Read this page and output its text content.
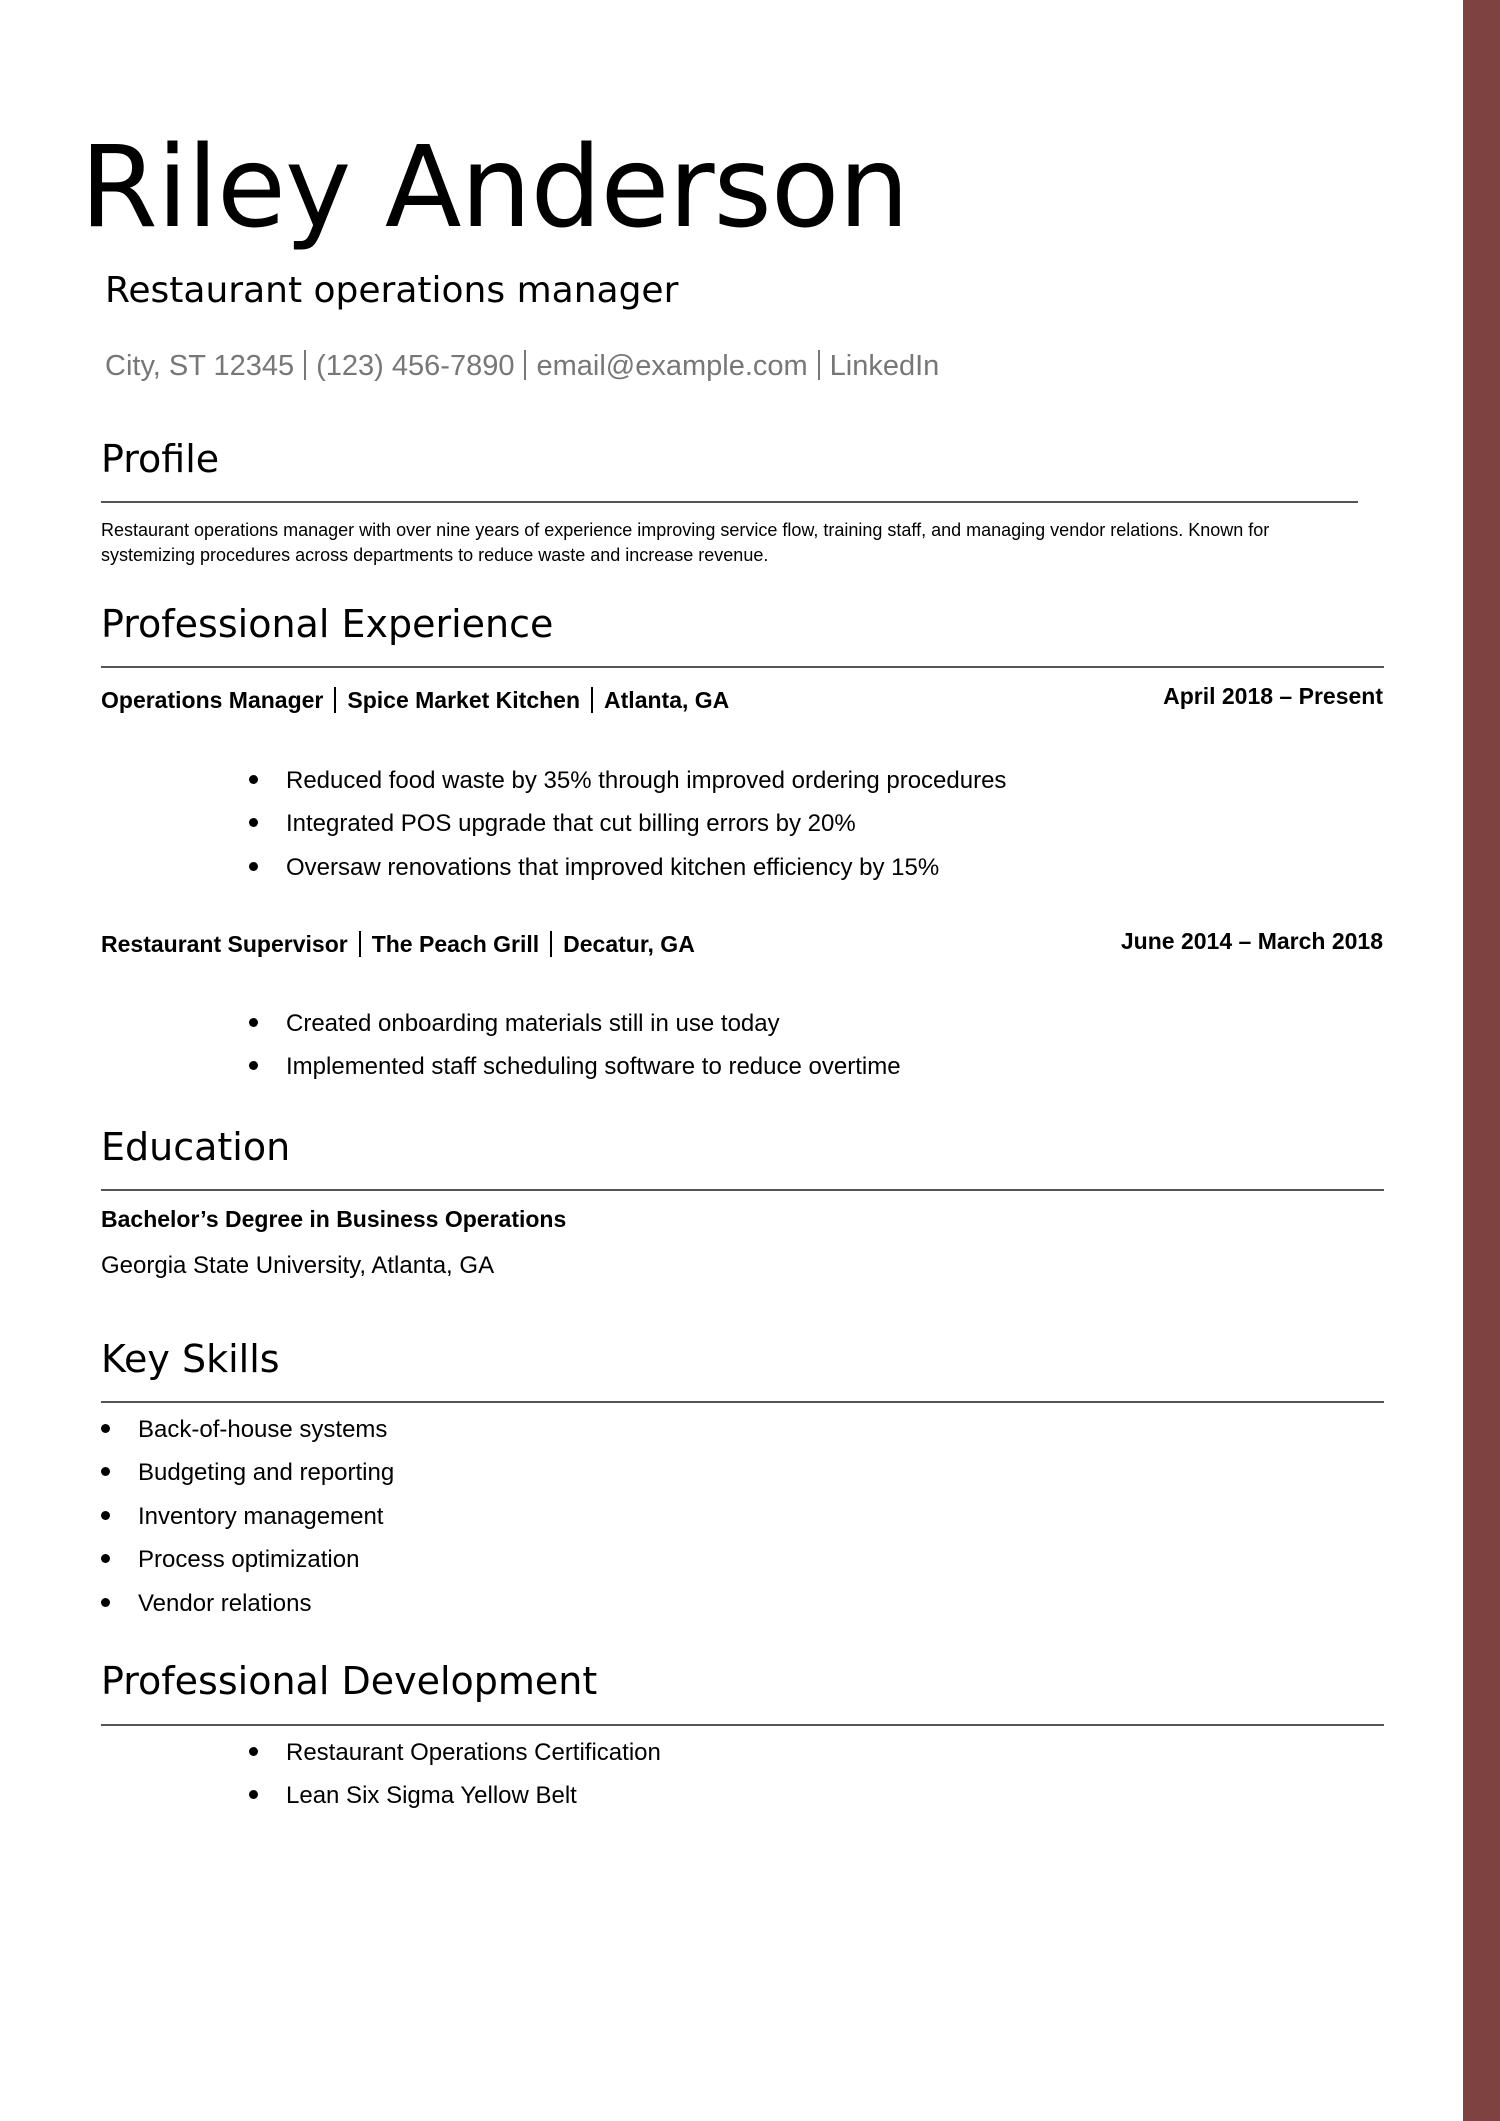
Riley Anderson
Restaurant operations manager
City, ST 12345 (123) 456-7890 email@example.com LinkedIn
Profile
Restaurant operations manager with over nine years of experience improving service flow, training staff, and managing vendor relations. Known for systemizing procedures across departments to reduce waste and increase revenue.
Professional Experience
Operations Manager Spice Market Kitchen Atlanta, GA	April 2018 – Present
Reduced food waste by 35% through improved ordering procedures
Integrated POS upgrade that cut billing errors by 20%
Oversaw renovations that improved kitchen efficiency by 15%
Restaurant Supervisor The Peach Grill Decatur, GA	June 2014 – March 2018
Created onboarding materials still in use today
Implemented staff scheduling software to reduce overtime
Education
Bachelor’s Degree in Business Operations
Georgia State University, Atlanta, GA
Key Skills
Back-of-house systems
Budgeting and reporting
Inventory management
Process optimization
Vendor relations
Professional Development
Restaurant Operations Certification
Lean Six Sigma Yellow Belt
